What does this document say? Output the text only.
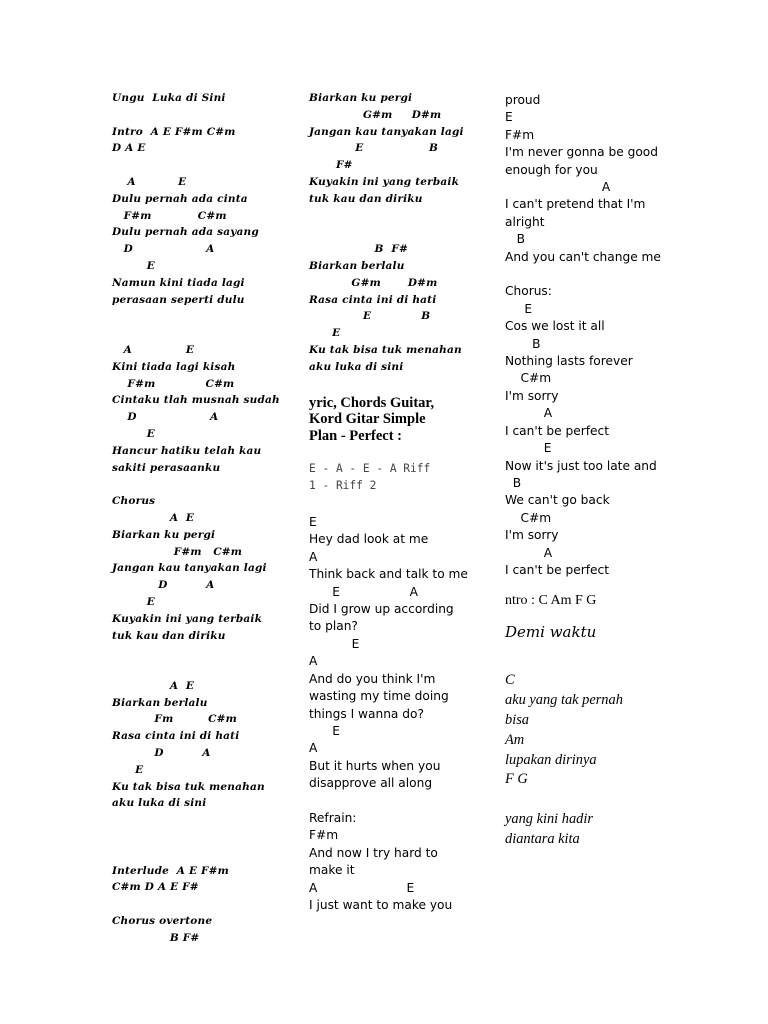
Ungu  Luka di Sini
Intro  A E F#m C#m
D A E
A           E
Dulu pernah ada cinta
F#m            C#m
Dulu pernah ada sayang
D                   A
E
Namun kini tiada lagi
perasaan seperti dulu
A              E
Kini tiada lagi kisah
F#m             C#m
Cintaku tlah musnah sudah
D                   A
E
Hancur hatiku telah kau
sakiti perasaanku
Chorus
A  E
Biarkan ku pergi
F#m   C#m
Jangan kau tanyakan lagi
D          A
E
Kuyakin ini yang terbaik
tuk kau dan diriku
A  E
Biarkan berlalu
Fm         C#m
Rasa cinta ini di hati
D          A
E
Ku tak bisa tuk menahan
aku luka di sini
Interlude  A E F#m
C#m D A E F#
Chorus overtone
B F#
Biarkan ku pergi
G#m     D#m
Jangan kau tanyakan lagi
E                 B
F#
Kuyakin ini yang terbaik
tuk kau dan diriku
B  F#
Biarkan berlalu
G#m       D#m
Rasa cinta ini di hati
E             B
E
Ku tak bisa tuk menahan
aku luka di sini
yric, Chords Guitar,
Kord Gitar Simple
Plan - Perfect :
E - A - E - A Riff
1 - Riff 2
E
Hey dad look at me
A
Think back and talk to me
E                  A
Did I grow up according
to plan?
E
A
And do you think I'm
wasting my time doing
things I wanna do?
E
A
But it hurts when you
disapprove all along
Refrain:
F#m
And now I try hard to
make it
A                       E
I just want to make you
proud
E
F#m
I'm never gonna be good
enough for you
A
I can't pretend that I'm
alright
B
And you can't change me
Chorus:
E
Cos we lost it all
B
Nothing lasts forever
C#m
I'm sorry
A
I can't be perfect
E
Now it's just too late and
B
We can't go back
C#m
I'm sorry
A
I can't be perfect
ntro : C Am F G
Demi waktu
C
aku yang tak pernah
bisa
Am
lupakan dirinya
F G
yang kini hadir
diantara kita
